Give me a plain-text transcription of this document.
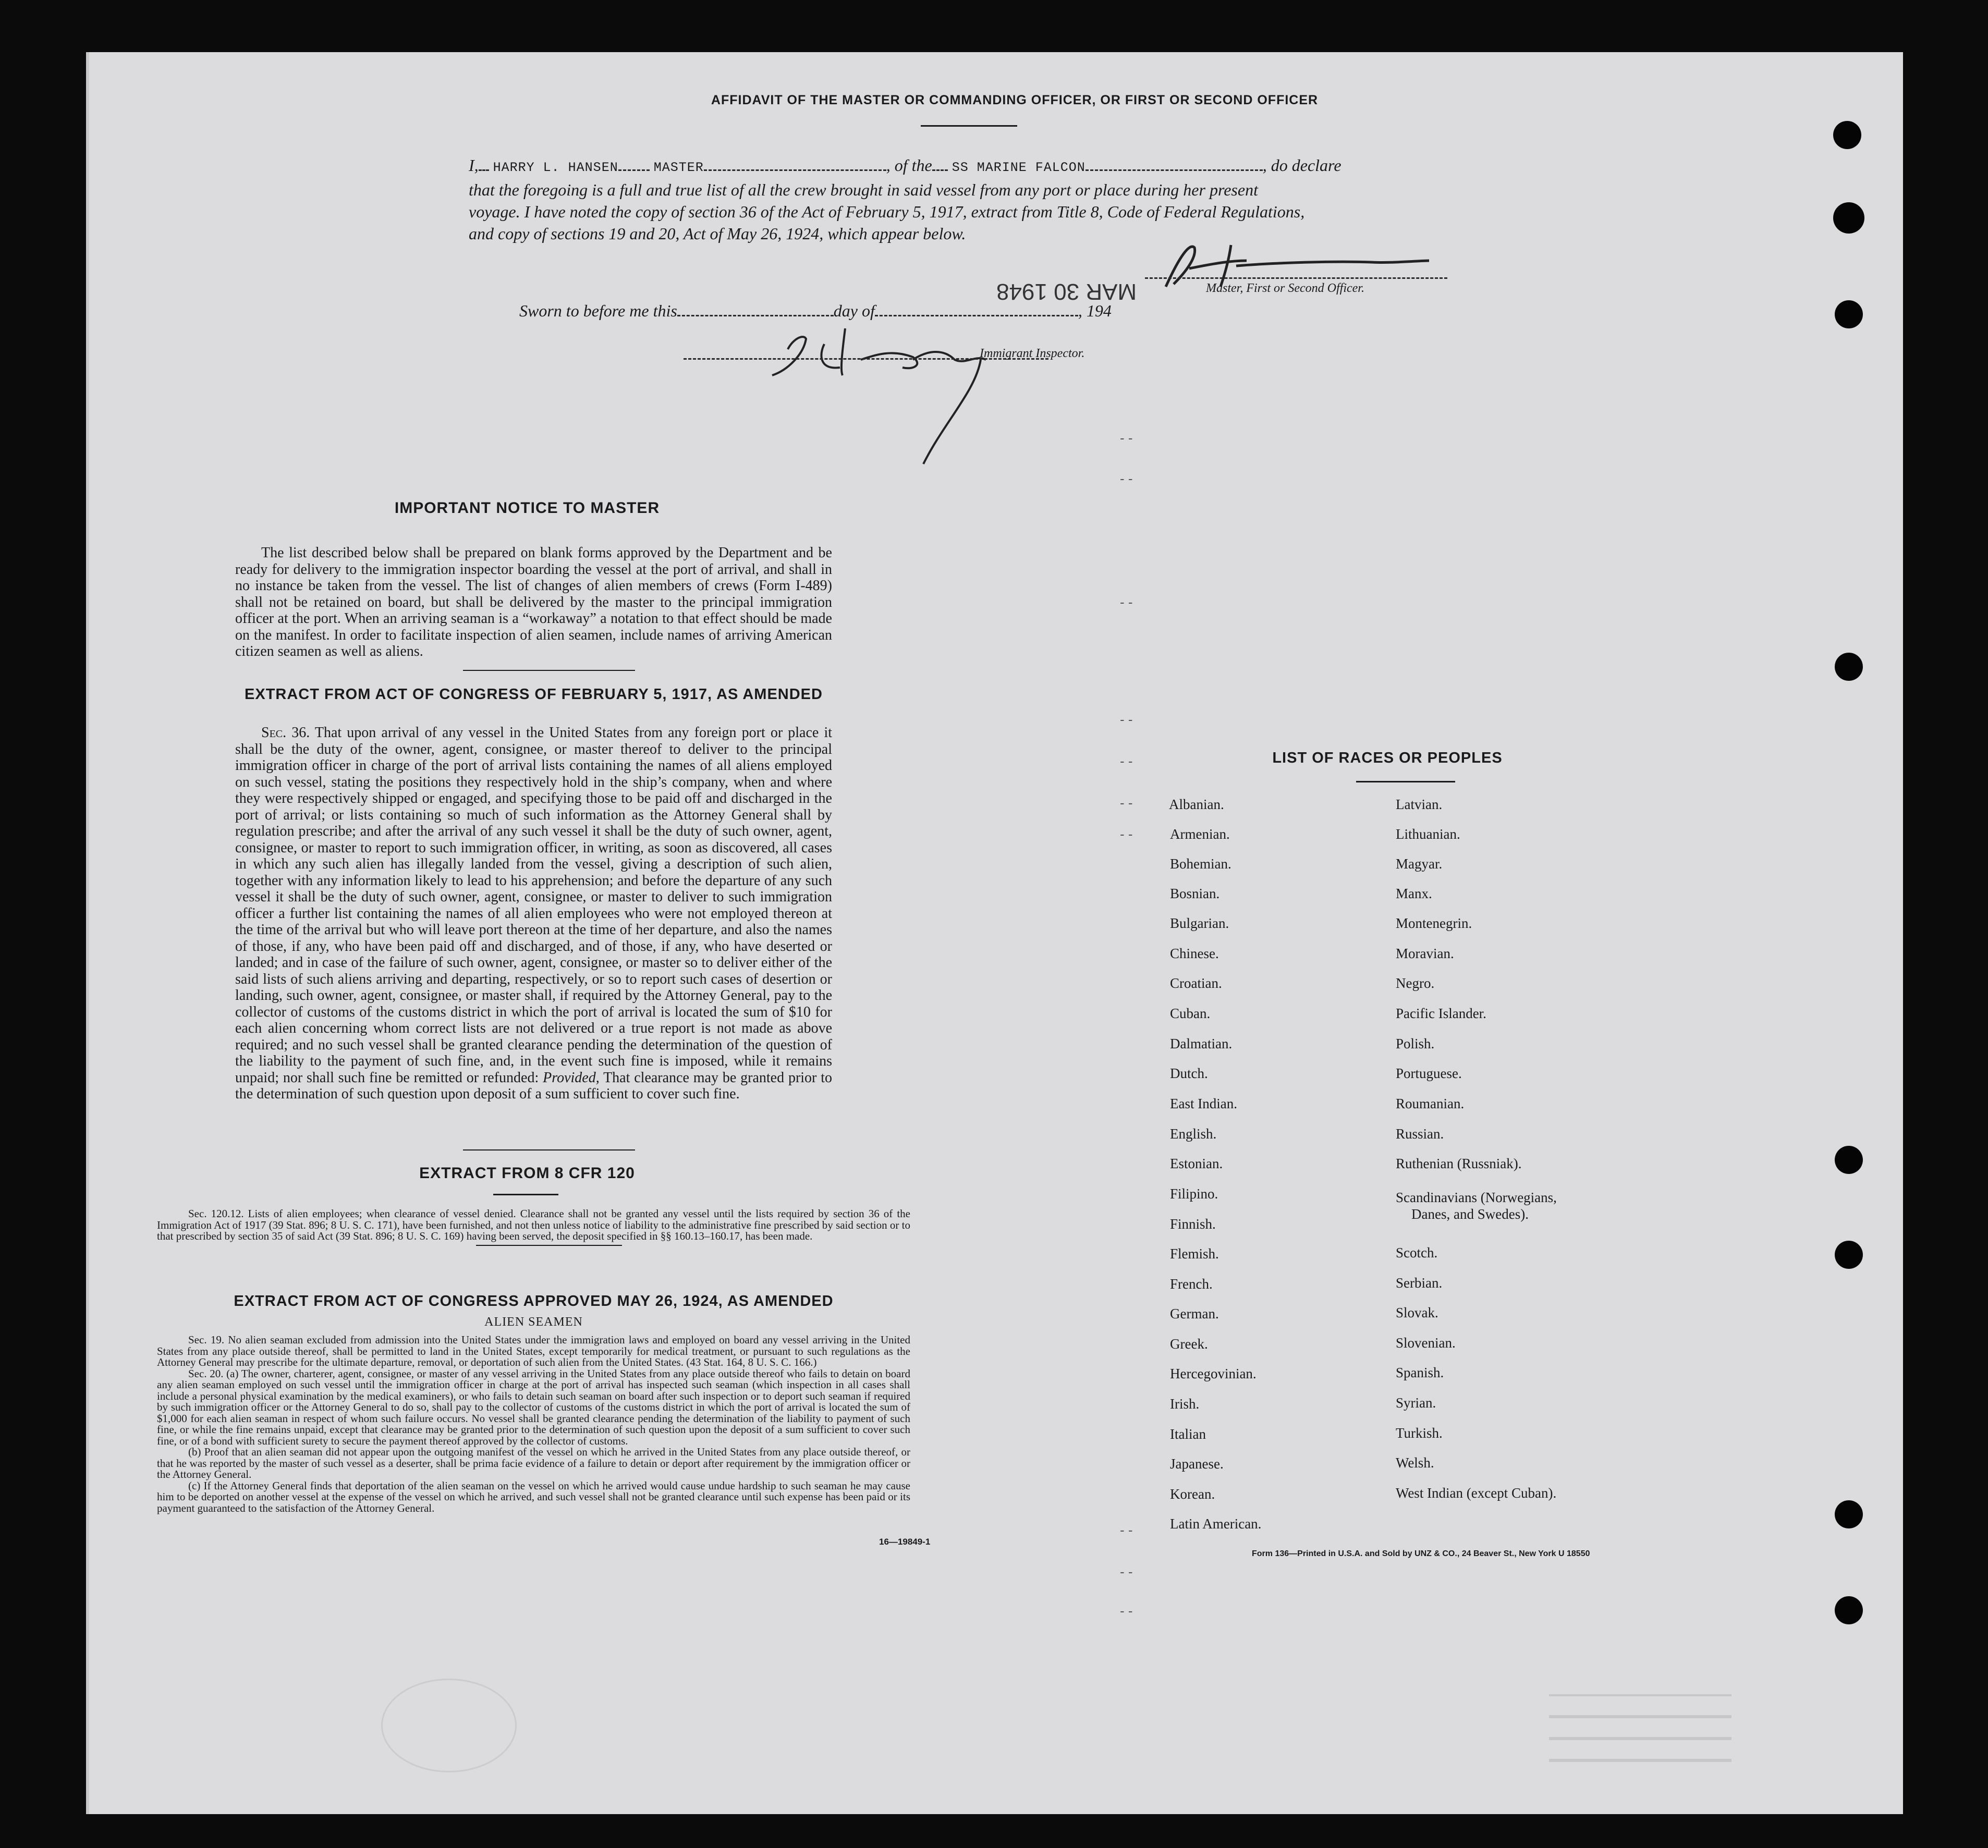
AFFIDAVIT OF THE MASTER OR COMMANDING OFFICER, OR FIRST OR SECOND OFFICER
I, HARRY L. HANSEN	MASTER	, of the SS MARINE FALCON	, do declare
that the foregoing is a full and true list of all the crew brought in said vessel from any port or place during her present
voyage. I have noted the copy of section 36 of the Act of February 5, 1917, extract from Title 8, Code of Federal Regulations,
and copy of sections 19 and 20, Act of May 26, 1924, which appear below.
Master, First or Second Officer.
Sworn to before me this	day of	, 194
MAR 30 1948
Immigrant Inspector.
- -
- -
- -
- -
- -
- -
- -
- -
- -
- -
IMPORTANT NOTICE TO MASTER
The list described below shall be prepared on blank forms approved by the Department and be ready for delivery to the immigration inspector boarding the vessel at the port of arrival, and shall in no instance be taken from the vessel. The list of changes of alien members of crews (Form I-489) shall not be retained on board, but shall be delivered by the master to the principal immigration officer at the port. When an arriving seaman is a “workaway” a notation to that effect should be made on the manifest. In order to facilitate inspection of alien seamen, include names of arriving American citizen seamen as well as aliens.
EXTRACT FROM ACT OF CONGRESS OF FEBRUARY 5, 1917, AS AMENDED
Sec. 36. That upon arrival of any vessel in the United States from any foreign port or place it shall be the duty of the owner, agent, consignee, or master thereof to deliver to the principal immigration officer in charge of the port of arrival lists containing the names of all aliens employed on such vessel, stating the positions they respectively hold in the ship’s company, when and where they were respectively shipped or engaged, and specifying those to be paid off and discharged in the port of arrival; or lists containing so much of such information as the Attorney General shall by regulation prescribe; and after the arrival of any such vessel it shall be the duty of such owner, agent, consignee, or master to report to such immigration officer, in writing, as soon as discovered, all cases in which any such alien has illegally landed from the vessel, giving a description of such alien, together with any information likely to lead to his apprehension; and before the departure of any such vessel it shall be the duty of such owner, agent, consignee, or master to deliver to such immigration officer a further list containing the names of all alien employees who were not employed thereon at the time of the arrival but who will leave port thereon at the time of her departure, and also the names of those, if any, who have been paid off and discharged, and of those, if any, who have deserted or landed; and in case of the failure of such owner, agent, consignee, or master so to deliver either of the said lists of such aliens arriving and departing, respectively, or so to report such cases of desertion or landing, such owner, agent, consignee, or master shall, if required by the Attorney General, pay to the collector of customs of the customs district in which the port of arrival is located the sum of $10 for each alien concerning whom correct lists are not delivered or a true report is not made as above required; and no such vessel shall be granted clearance pending the determination of the question of the liability to the payment of such fine, and, in the event such fine is imposed, while it remains unpaid; nor shall such fine be remitted or refunded: Provided, That clearance may be granted prior to the determination of such question upon deposit of a sum sufficient to cover such fine.
EXTRACT FROM 8 CFR 120
Sec. 120.12. Lists of alien employees; when clearance of vessel denied. Clearance shall not be granted any vessel until the lists required by section 36 of the Immigration Act of 1917 (39 Stat. 896; 8 U. S. C. 171), have been furnished, and not then unless notice of liability to the administrative fine prescribed by said section or to that prescribed by section 35 of said Act (39 Stat. 896; 8 U. S. C. 169) having been served, the deposit specified in §§ 160.13–160.17, has been made.
EXTRACT FROM ACT OF CONGRESS APPROVED MAY 26, 1924, AS AMENDED
ALIEN SEAMEN

Sec. 19. No alien seaman excluded from admission into the United States under the immigration laws and employed on board any vessel arriving in the United States from any place outside thereof, shall be permitted to land in the United States, except temporarily for medical treatment, or pursuant to such regulations as the Attorney General may prescribe for the ultimate departure, removal, or deportation of such alien from the United States. (43 Stat. 164, 8 U. S. C. 166.)

Sec. 20. (a) The owner, charterer, agent, consignee, or master of any vessel arriving in the United States from any place outside thereof who fails to detain on board any alien seaman employed on such vessel until the immigration officer in charge at the port of arrival has inspected such seaman (which inspection in all cases shall include a personal physical examination by the medical examiners), or who fails to detain such seaman on board after such inspection or to deport such seaman if required by such immigration officer or the Attorney General to do so, shall pay to the collector of customs of the customs district in which the port of arrival is located the sum of $1,000 for each alien seaman in respect of whom such failure occurs. No vessel shall be granted clearance pending the determination of the liability to payment of such fine, or while the fine remains unpaid, except that clearance may be granted prior to the determination of such question upon the deposit of a sum sufficient to cover such fine, or of a bond with sufficient surety to secure the payment thereof approved by the collector of customs.

(b) Proof that an alien seaman did not appear upon the outgoing manifest of the vessel on which he arrived in the United States from any place outside thereof, or that he was reported by the master of such vessel as a deserter, shall be prima facie evidence of a failure to detain or deport after requirement by the immigration officer or the Attorney General.

(c) If the Attorney General finds that deportation of the alien seaman on the vessel on which he arrived would cause undue hardship to such seaman he may cause him to be deported on another vessel at the expense of the vessel on which he arrived, and such vessel shall not be granted clearance until such expense has been paid or its payment guaranteed to the satisfaction of the Attorney General.

16—19849-1
LIST OF RACES OR PEOPLES
Albanian.
Armenian.
Bohemian.
Bosnian.
Bulgarian.
Chinese.
Croatian.
Cuban.
Dalmatian.
Dutch.
East Indian.
English.
Estonian.
Filipino.
Finnish.
Flemish.
French.
German.
Greek.
Hercegovinian.
Irish.
Italian
Japanese.
Korean.
Latin American.
Latvian.
Lithuanian.
Magyar.
Manx.
Montenegrin.
Moravian.
Negro.
Pacific Islander.
Polish.
Portuguese.
Roumanian.
Russian.
Ruthenian (Russniak).
Scandinavians (Norwegians,
Danes, and Swedes).
Scotch.
Serbian.
Slovak.
Slovenian.
Spanish.
Syrian.
Turkish.
Welsh.
West Indian (except Cuban).
Form 136—Printed in U.S.A. and Sold by UNZ & CO., 24 Beaver St., New York U 18550
